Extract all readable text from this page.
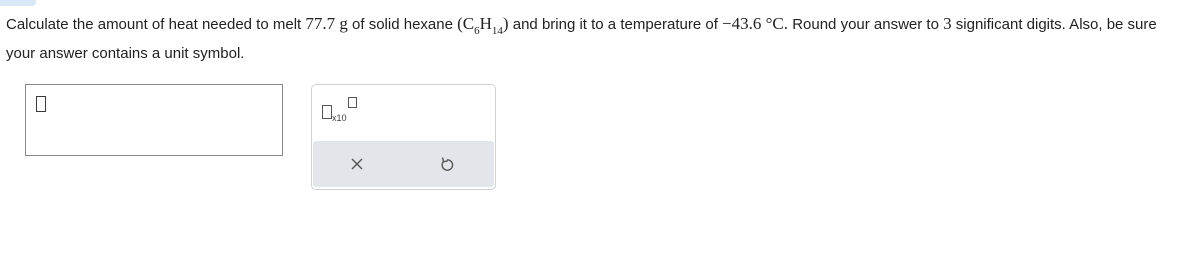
Calculate the amount of heat needed to melt 77.7 g of solid hexane $(C_6H_{14})$ and bring it to a temperature of −43.6 °C. Round your answer to 3 significant digits. Also, be sure your answer contains a unit symbol.
x10
